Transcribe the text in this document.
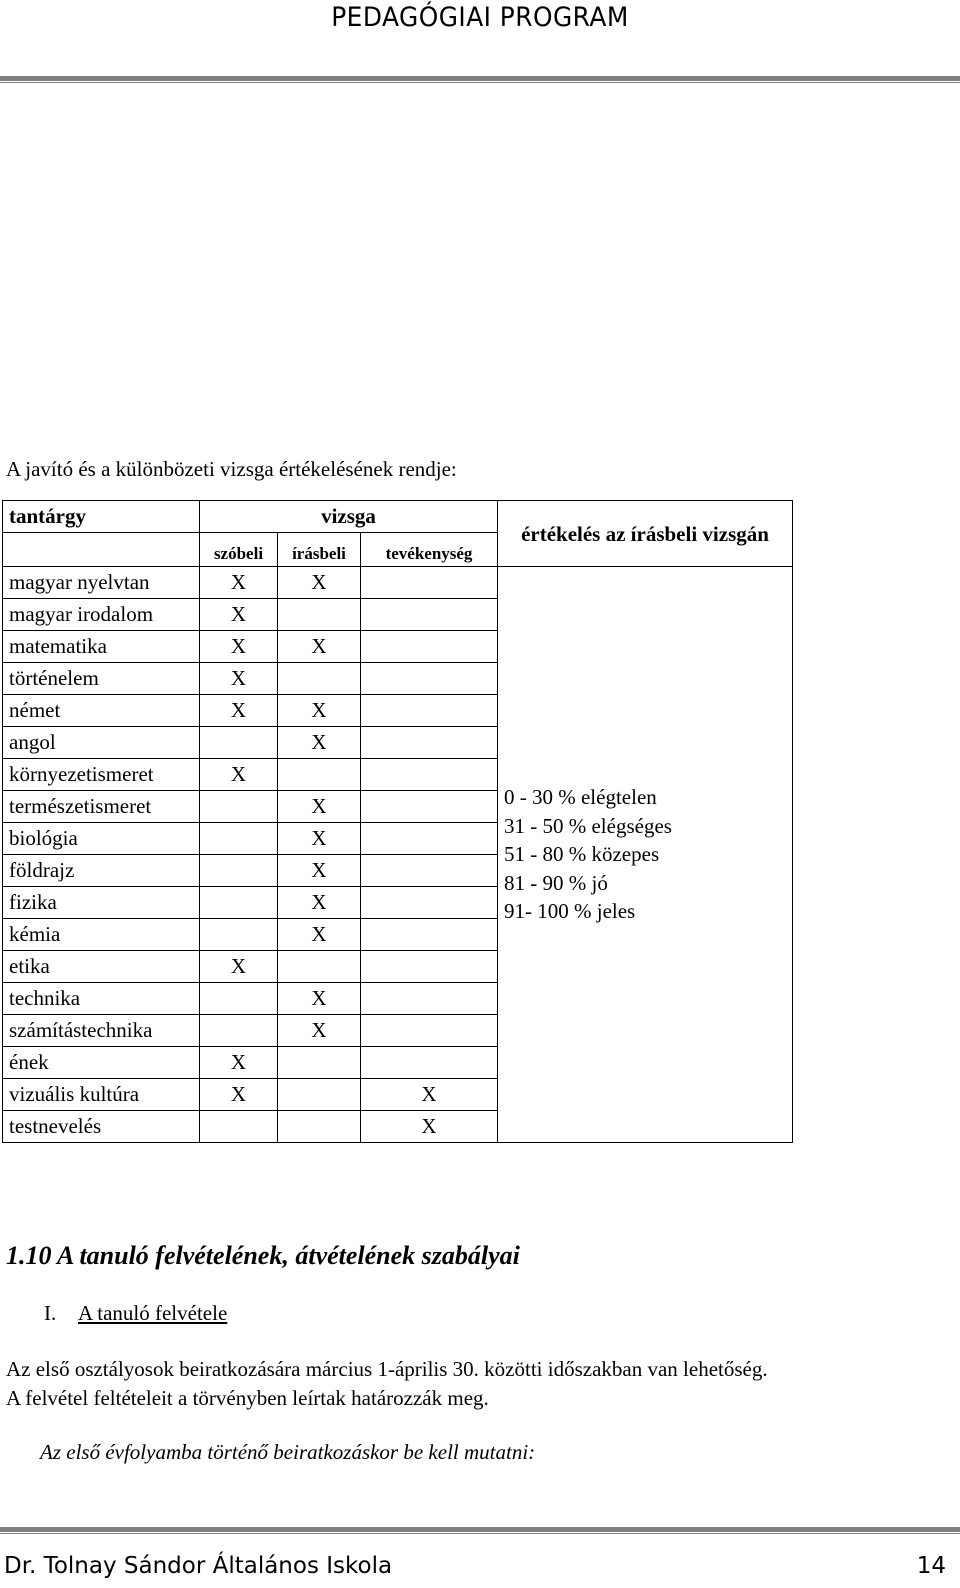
PEDAGÓGIAI PROGRAM
A javító és a különbözeti vizsga értékelésének rendje:
tantárgy	vizsga			értékelés az írásbeli vizsgán
	szóbeli	írásbeli	tevékenység	
magyar nyelvtan	X	X		0 - 30 % elégtelen
31 - 50 % elégséges
51 - 80 % közepes
81 - 90 % jó
91- 100 % jeles

magyar irodalom	X			
matematika	X	X		
történelem	X			
német	X	X		
angol		X		
környezetismeret	X			
természetismeret		X		
biológia		X		
földrajz		X		
fizika		X		
kémia		X		
etika	X			
technika		X		
számítástechnika		X		
ének	X			
vizuális kultúra	X		X	
testnevelés			X	
1.10 A tanuló felvételének, átvételének szabályai
I. A tanuló felvétele
Az első osztályosok beiratkozására március 1-április 30. közötti időszakban van lehetőség.
A felvétel feltételeit a törvényben leírtak határozzák meg.
Az első évfolyamba történő beiratkozáskor be kell mutatni:
Dr. Tolnay Sándor Általános Iskola	14
